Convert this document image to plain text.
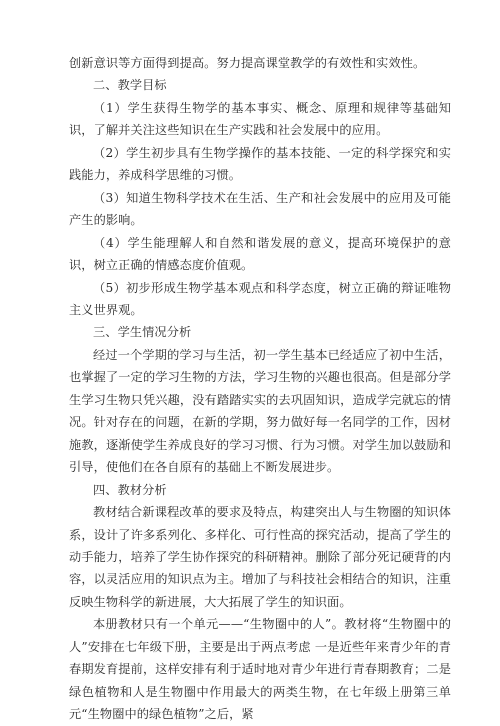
创新意识等方面得到提高。努力提高课堂教学的有效性和实效性。

二、教学目标

（1）学生获得生物学的基本事实、概念、原理和规律等基础知识，了解并关注这些知识在生产实践和社会发展中的应用。

（2）学生初步具有生物学操作的基本技能、一定的科学探究和实践能力，养成科学思维的习惯。

（3）知道生物科学技术在生活、生产和社会发展中的应用及可能产生的影响。

（4）学生能理解人和自然和谐发展的意义，提高环境保护的意识，树立正确的情感态度价值观。

（5）初步形成生物学基本观点和科学态度，树立正确的辩证唯物主义世界观。

三、学生情况分析

经过一个学期的学习与生活，初一学生基本已经适应了初中生活，也掌握了一定的学习生物的方法，学习生物的兴趣也很高。但是部分学生学习生物只凭兴趣，没有踏踏实实的去巩固知识，造成学完就忘的情况。针对存在的问题，在新的学期，努力做好每一名同学的工作，因材施教，逐渐使学生养成良好的学习习惯、行为习惯。对学生加以鼓励和引导，使他们在各自原有的基础上不断发展进步。

四、教材分析

教材结合新课程改革的要求及特点，构建突出人与生物圈的知识体系，设计了许多系列化、多样化、可行性高的探究活动，提高了学生的动手能力，培养了学生协作探究的科研精神。删除了部分死记硬背的内容，以灵活应用的知识点为主。增加了与科技社会相结合的知识，注重反映生物科学的新进展，大大拓展了学生的知识面。

本册教材只有一个单元——“生物圈中的人”。教材将“生物圈中的人”安排在七年级下册，主要是出于两点考虑 一是近些年来青少年的青春期发育提前，这样安排有利于适时地对青少年进行青春期教育；二是绿色植物和人是生物圈中作用最大的两类生物，在七年级上册第三单元“生物圈中的绿色植物”之后，紧
